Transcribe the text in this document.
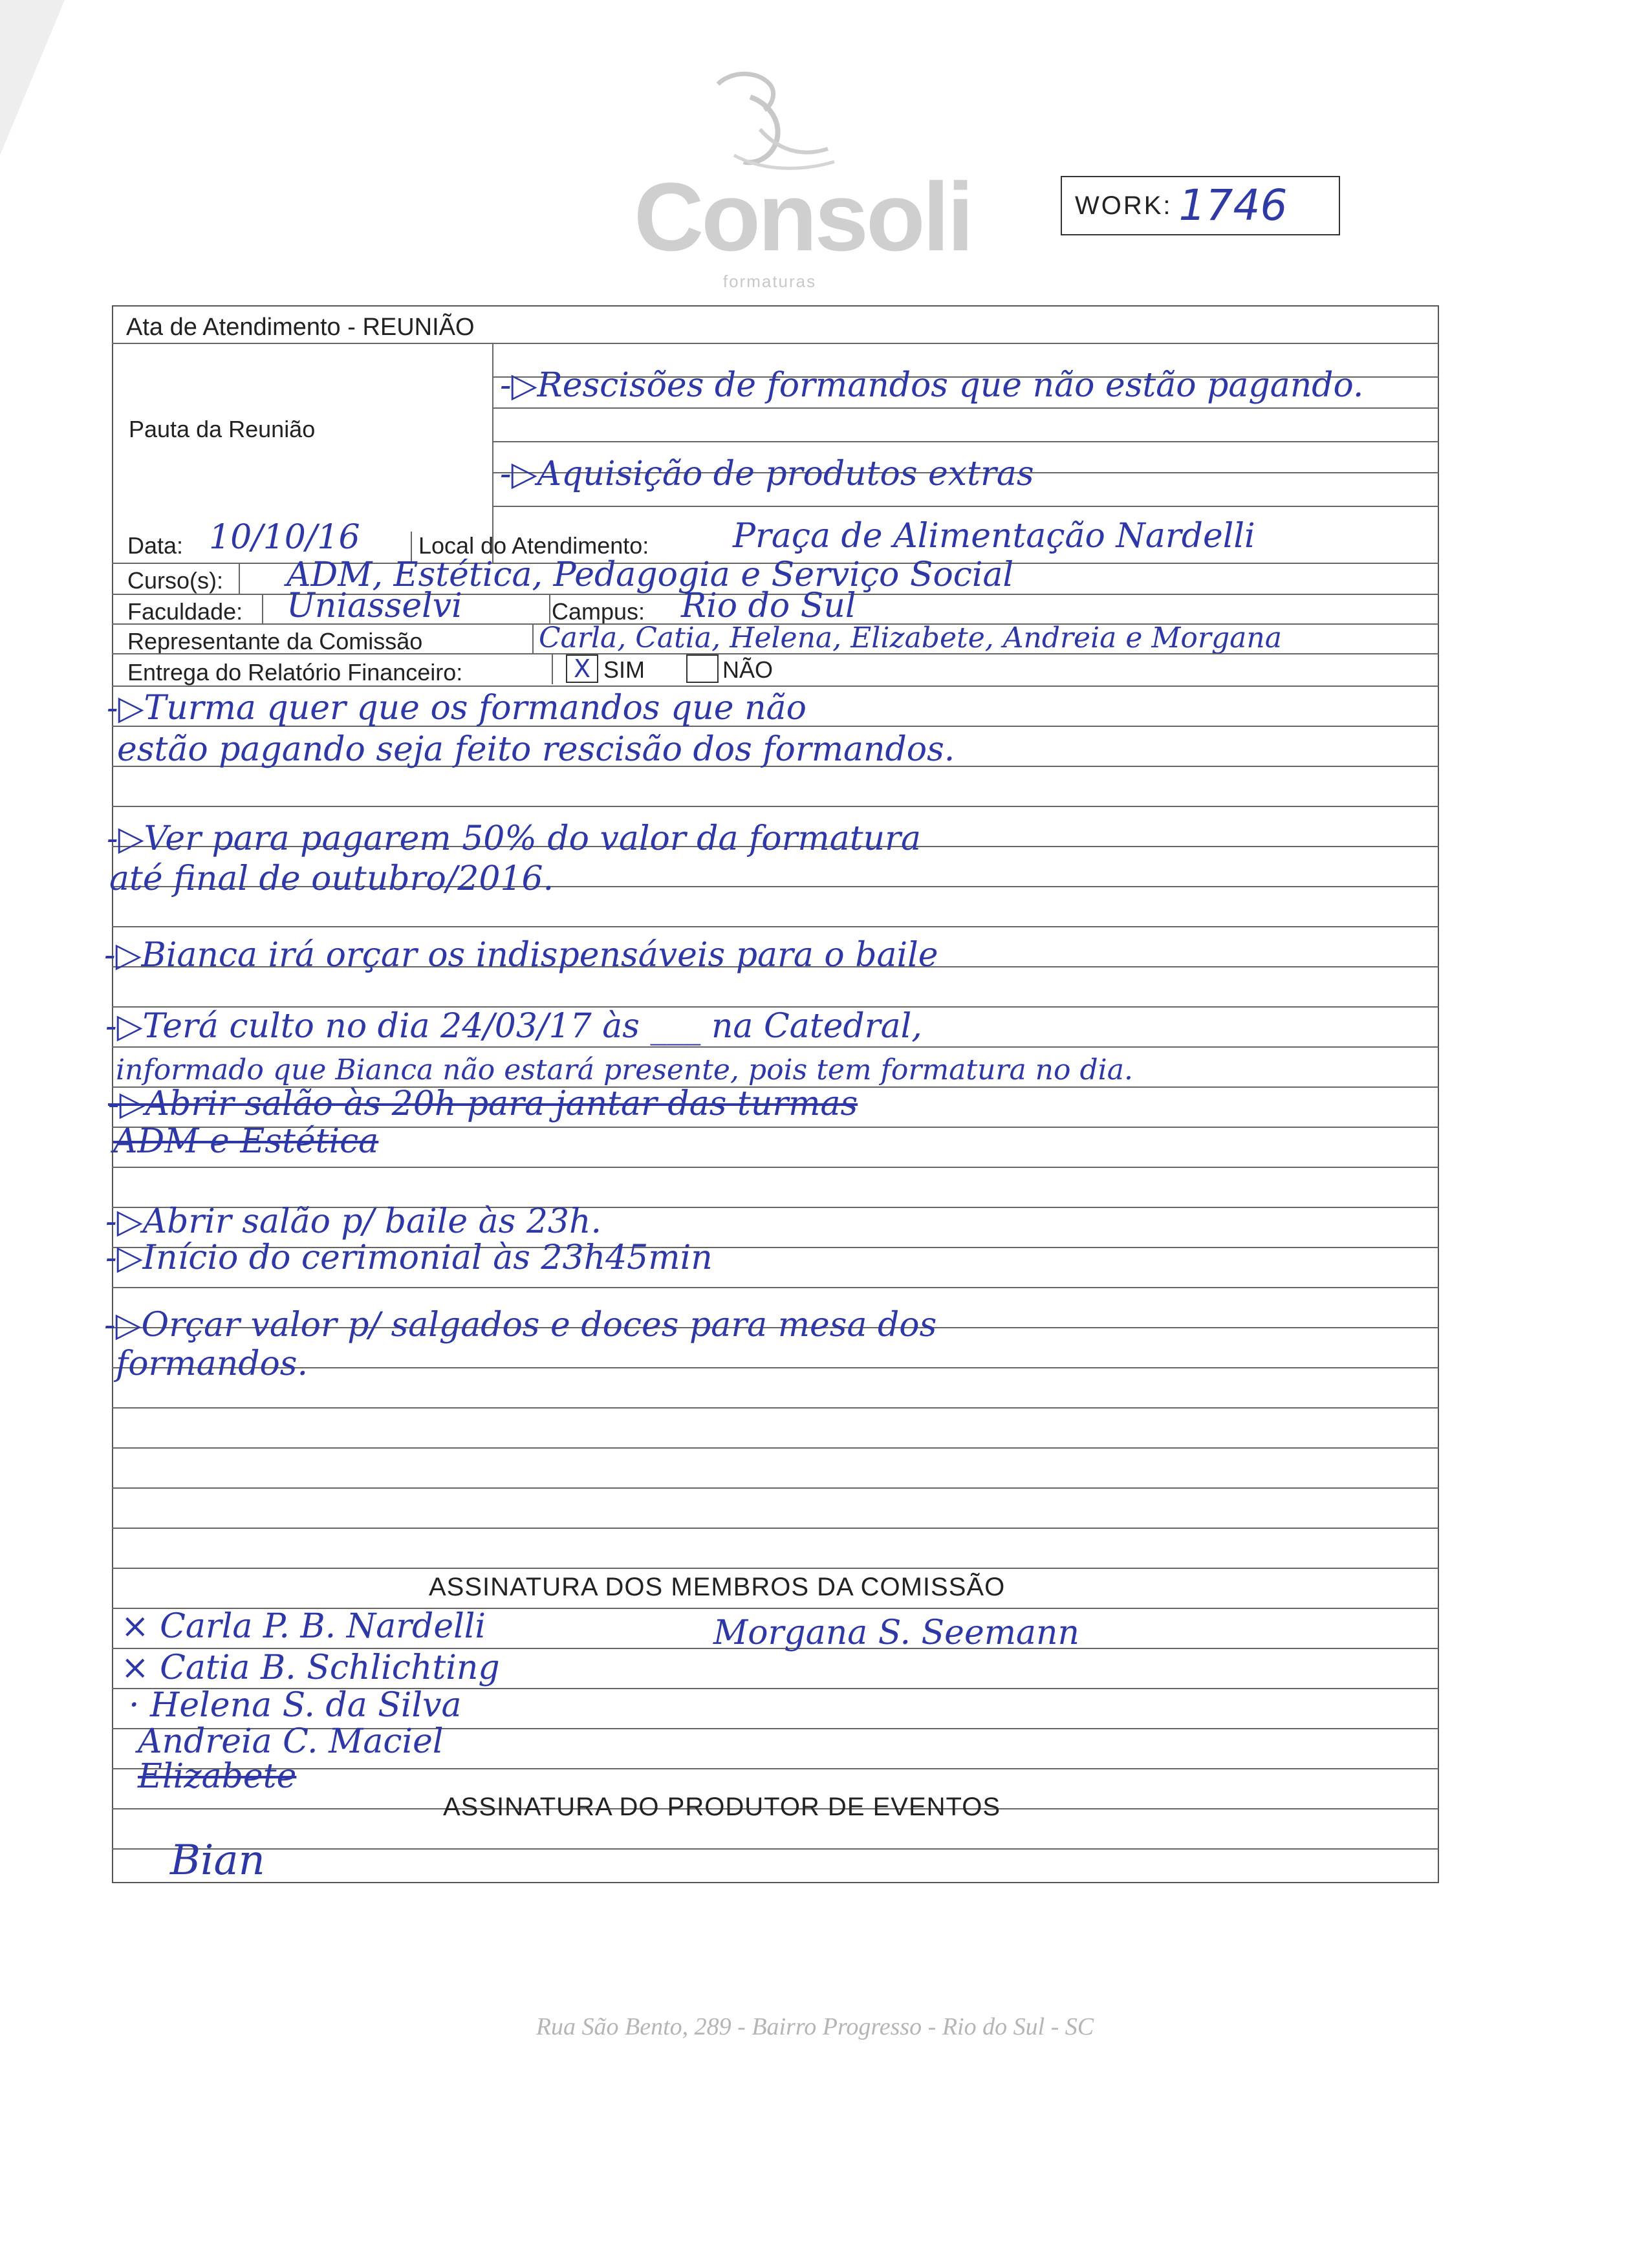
Consoli
formaturas
WORK: 1746
Ata de Atendimento - REUNIÃO
Pauta da Reunião
-▷Rescisões de formandos que não estão pagando.
-▷Aquisição de produtos extras
Data: 10/10/16	Local do Atendimento: Praça de Alimentação Nardelli
Curso(s): ADM, Estética, Pedagogia e Serviço Social
Faculdade: Uniasselvi	Campus: Rio do Sul
Representante da Comissão	Carla, Catia, Helena, Elizabete, Andreia e Morgana
Entrega do Relatório Financeiro:	X SIM	NÃO
-▷Turma quer que os formandos que não
estão pagando seja feito rescisão dos formandos.
-▷Ver para pagarem 50% do valor da formatura
até final de outubro/2016.
-▷Bianca irá orçar os indispensáveis para o baile
-▷Terá culto no dia 24/03/17 às ___ na Catedral,
informado que Bianca não estará presente, pois tem formatura no dia.
-▷Abrir salão às 20h para jantar das turmas
ADM e Estética
-▷Abrir salão p/ baile às 23h.
-▷Início do cerimonial às 23h45min
-▷Orçar valor p/ salgados e doces para mesa dos
formandos.
ASSINATURA DOS MEMBROS DA COMISSÃO
× Carla P. B. Nardelli
× Catia B. Schlichting
· Helena S. da Silva
Andreia C. Maciel
Elizabete
Morgana S. Seemann
ASSINATURA DO PRODUTOR DE EVENTOS
Bian
Rua São Bento, 289 - Bairro Progresso - Rio do Sul - SC
